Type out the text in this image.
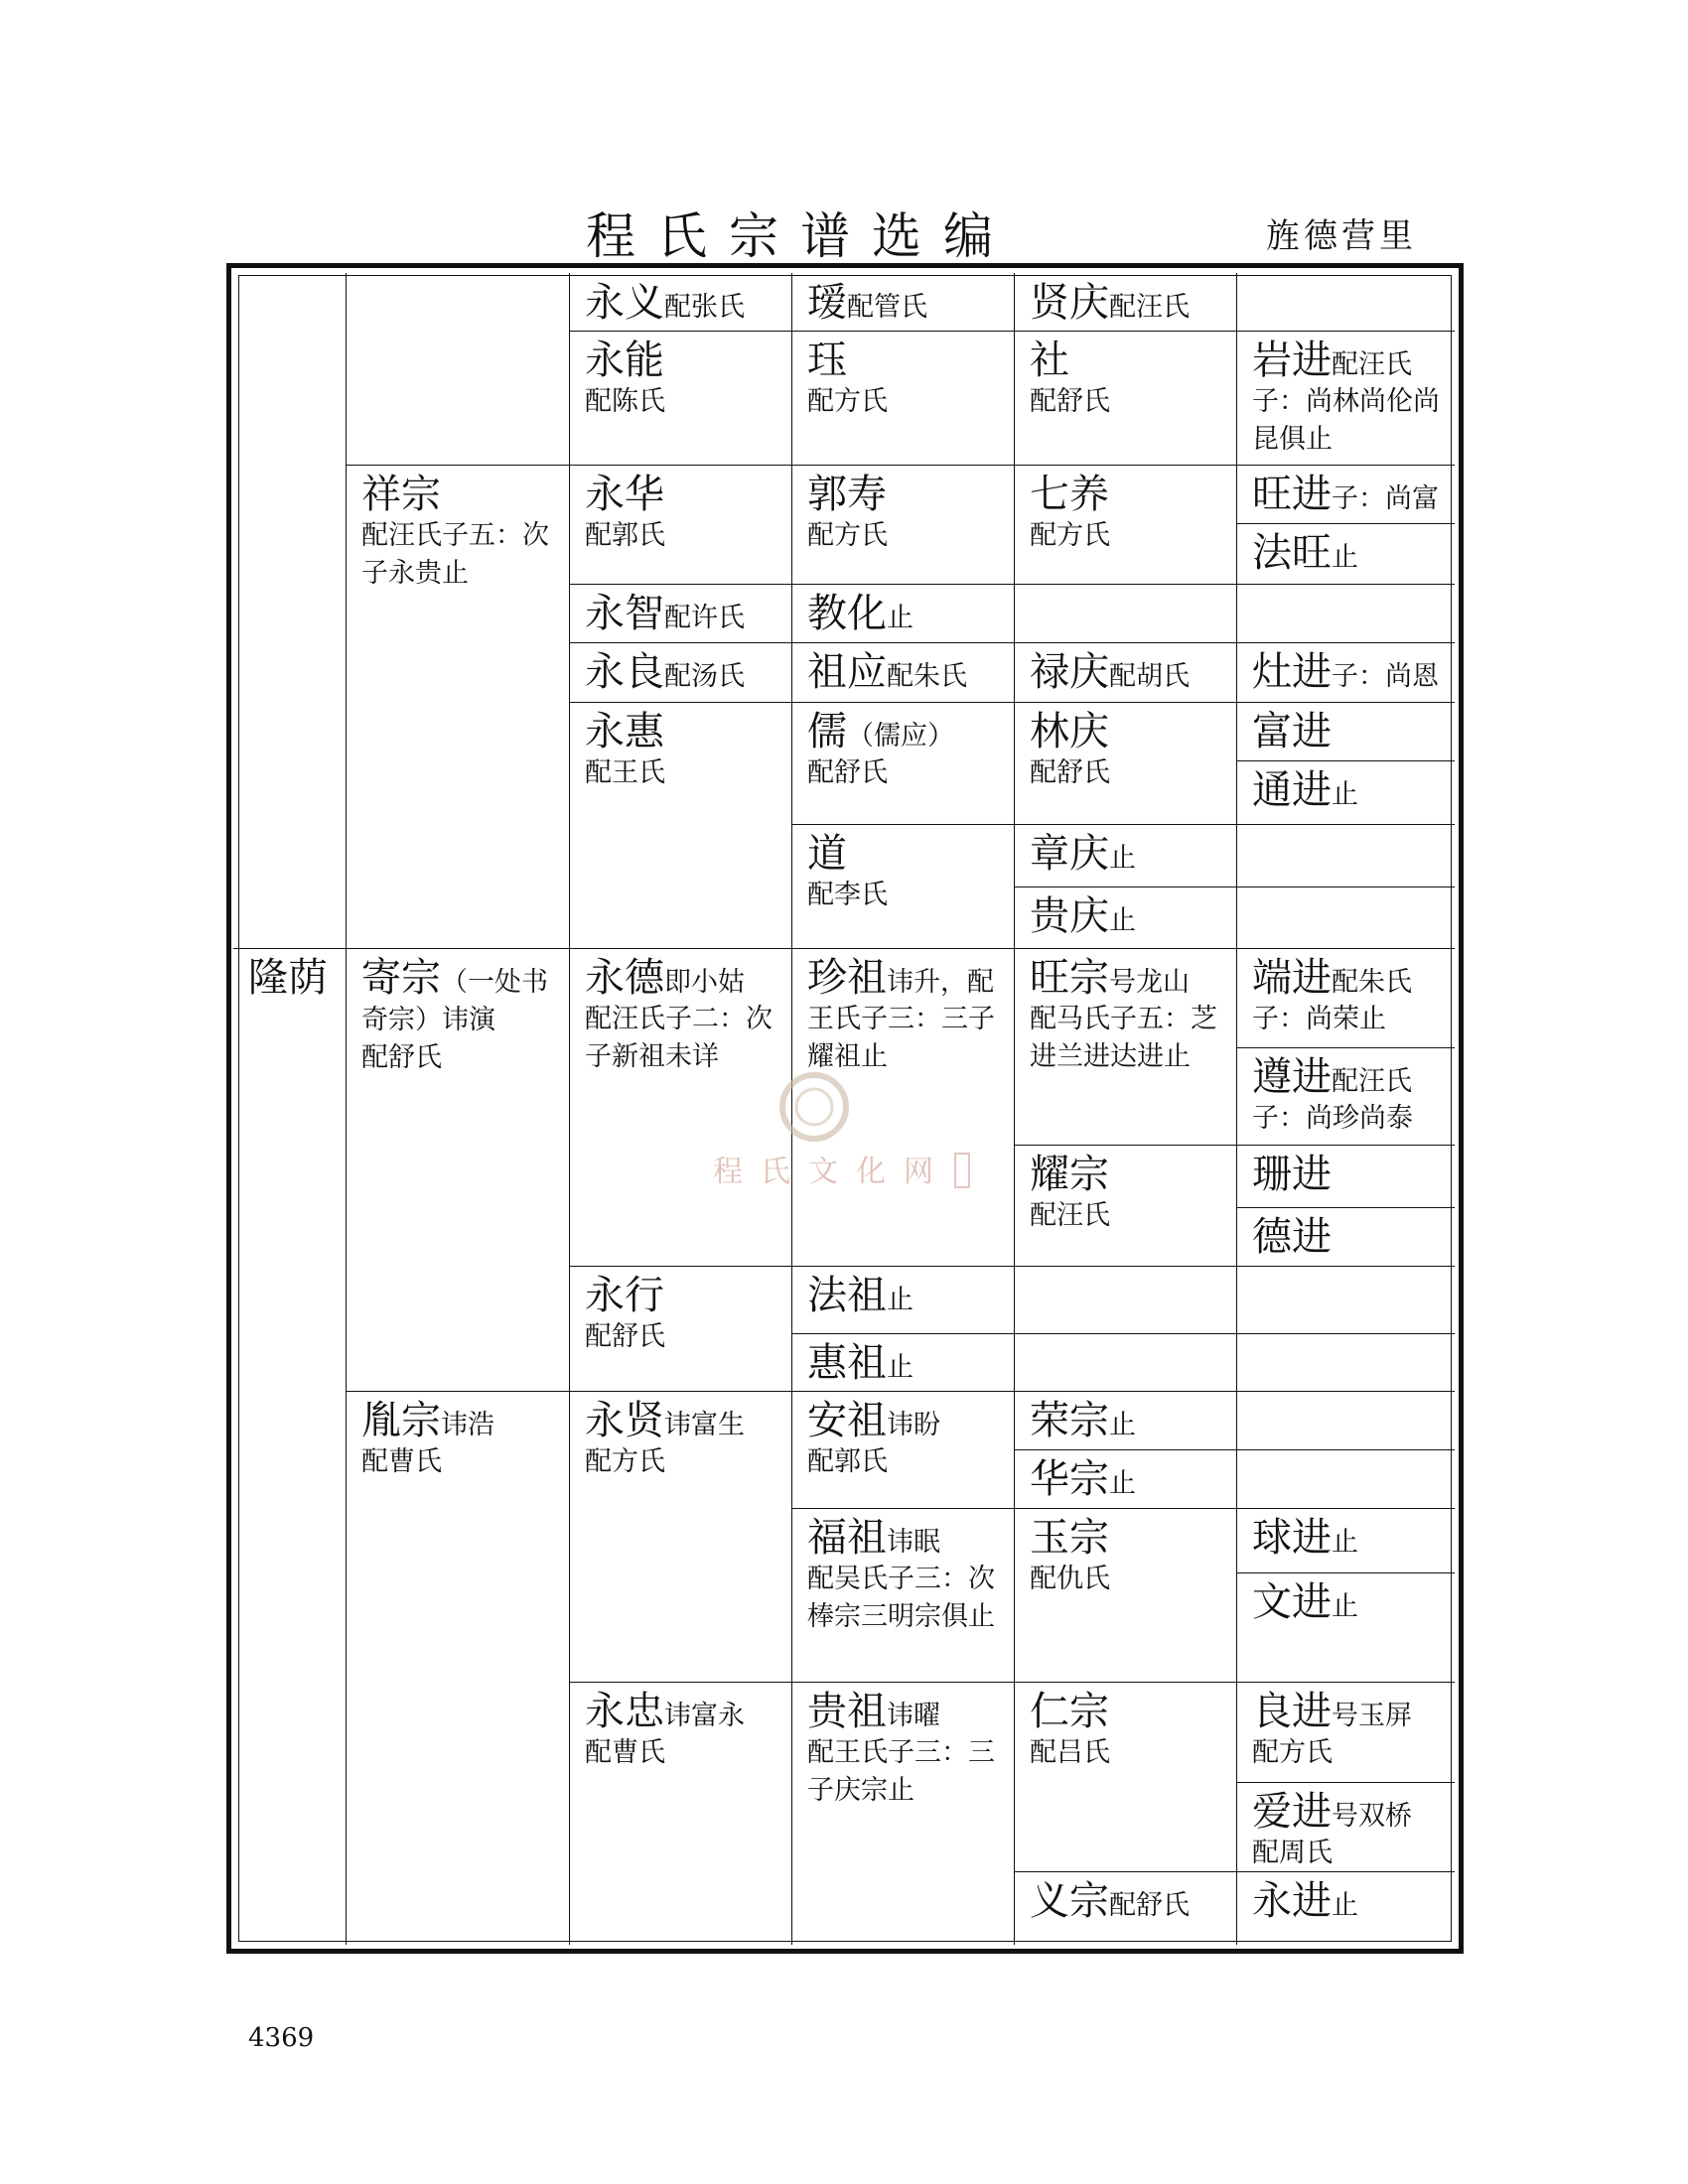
程氏宗谱选编	旌德营里
隆荫
祥宗
配汪氏子五：次子永贵止
寄宗（一处书奇宗）讳演
配舒氏
胤宗讳浩
配曹氏
永义配张氏
永能
配陈氏
永华
配郭氏
永智配许氏
永良配汤氏
永惠
配王氏
永德即小姑
配汪氏子二：次子新祖未详
永行
配舒氏
永贤讳富生
配方氏
永忠讳富永
配曹氏
瑷配管氏
珏
配方氏
郭寿
配方氏
教化止
祖应配朱氏
儒（儒应）
配舒氏
道
配李氏
珍祖讳升，配
王氏子三：三子耀祖止
法祖止
惠祖止
安祖讳盼
配郭氏
福祖讳眠
配吴氏子三：次棒宗三明宗俱止
贵祖讳曜
配王氏子三：三子庆宗止
贤庆配汪氏
社
配舒氏
七养
配方氏
禄庆配胡氏
林庆
配舒氏
章庆止
贵庆止
旺宗号龙山
配马氏子五：芝进兰进达进止
耀宗
配汪氏
荣宗止
华宗止
玉宗
配仇氏
仁宗
配吕氏
义宗配舒氏
岩进配汪氏
子：尚林尚伦尚昆俱止
旺进子：尚富
法旺止
灶进子：尚恩
富进
通进止
端进配朱氏
子：尚荣止
遵进配汪氏
子：尚珍尚泰
珊进
德进
球进止
文进止
良进号玉屏
配方氏
爱进号双桥
配周氏
永进止
程氏文化网
4369
